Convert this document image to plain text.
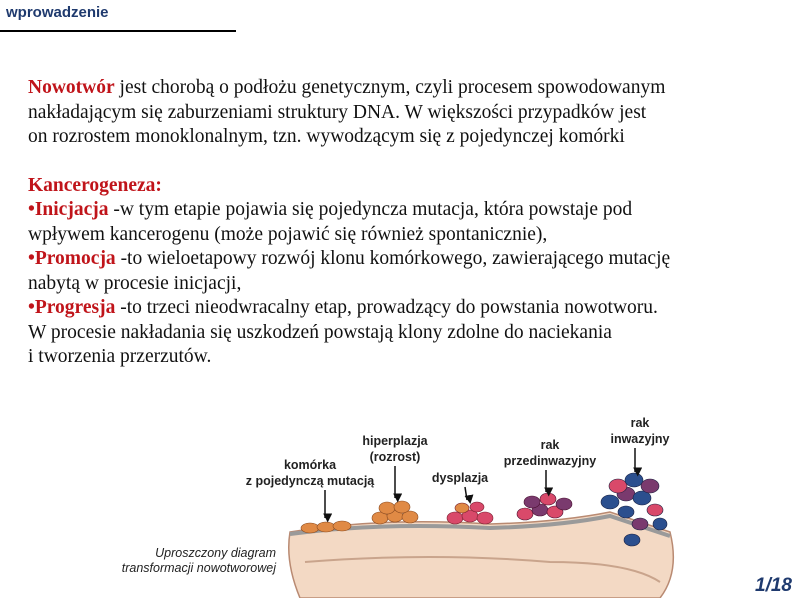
wprowadzenie

Nowotwór jest chorobą o podłożu genetycznym, czyli procesem spowodowanym

nakładającym się zaburzeniami struktury DNA. W większości przypadków jest

on rozrostem monoklonalnym, tzn. wywodzącym się z pojedynczej komórki

Kancerogeneza:

•Inicjacja -w tym etapie pojawia się pojedyncza mutacja, która powstaje pod

wpływem kancerogenu (może pojawić się również spontanicznie),

•Promocja -to wieloetapowy rozwój klonu komórkowego, zawierającego mutację

nabytą w procesie inicjacji,

•Progresja -to trzeci nieodwracalny etap, prowadzący do powstania nowotworu.

W procesie nakładania się uszkodzeń powstają klony zdolne do naciekania

i tworzenia przerzutów.

komórka
z pojedynczą mutacją
hiperplazja
(rozrost)
dysplazja
rak
przedinwazyjny
rak
inwazyjny
Uproszczony diagram
transformacji nowotworowej
1/18
